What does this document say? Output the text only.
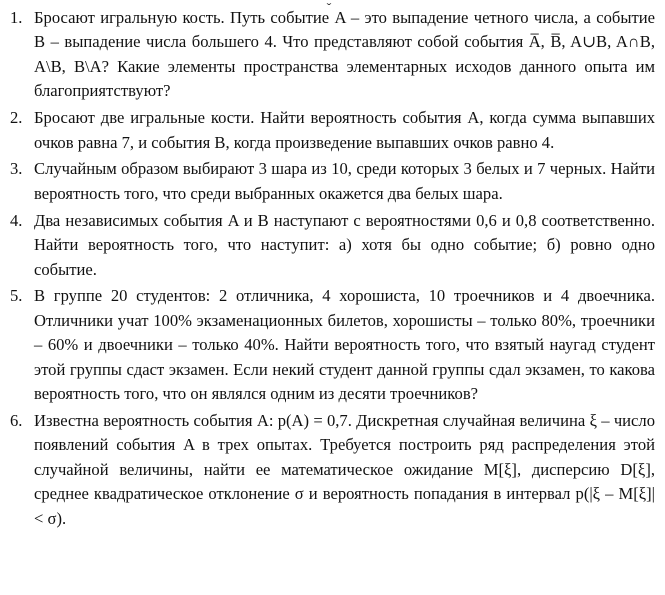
1. Бросают игральную кость. Путь событие A – это выпадение четного числа, а событие B – выпадение числа большего 4. Что представляют собой события A̅, B̅, A∪B, A∩B, A\B, B\A? Какие элементы пространства элементарных исходов данного опыта им благоприятствуют?
2. Бросают две игральные кости. Найти вероятность события A, когда сумма выпавших очков равна 7, и события B, когда произведение выпавших очков равно 4.
3. Случайным образом выбирают 3 шара из 10, среди которых 3 белых и 7 черных. Найти вероятность того, что среди выбранных окажется два белых шара.
4. Два независимых события A и B наступают с вероятностями 0,6 и 0,8 соответственно. Найти вероятность того, что наступит: а) хотя бы одно событие; б) ровно одно событие.
5. В группе 20 студентов: 2 отличника, 4 хорошиста, 10 троечников и 4 двоечника. Отличники учат 100% экзаменационных билетов, хорошисты – только 80%, троечники – 60% и двоечники – только 40%. Найти вероятность того, что взятый наугад студент этой группы сдаст экзамен. Если некий студент данной группы сдал экзамен, то какова вероятность того, что он являлся одним из десяти троечников?
6. Известна вероятность события A: p(A) = 0,7. Дискретная случайная величина ξ – число появлений события A в трех опытах. Требуется построить ряд распределения этой случайной величины, найти ее математическое ожидание M[ξ], дисперсию D[ξ], среднее квадратическое отклонение σ и вероятность попадания в интервал p(|ξ – M[ξ]| < σ).
